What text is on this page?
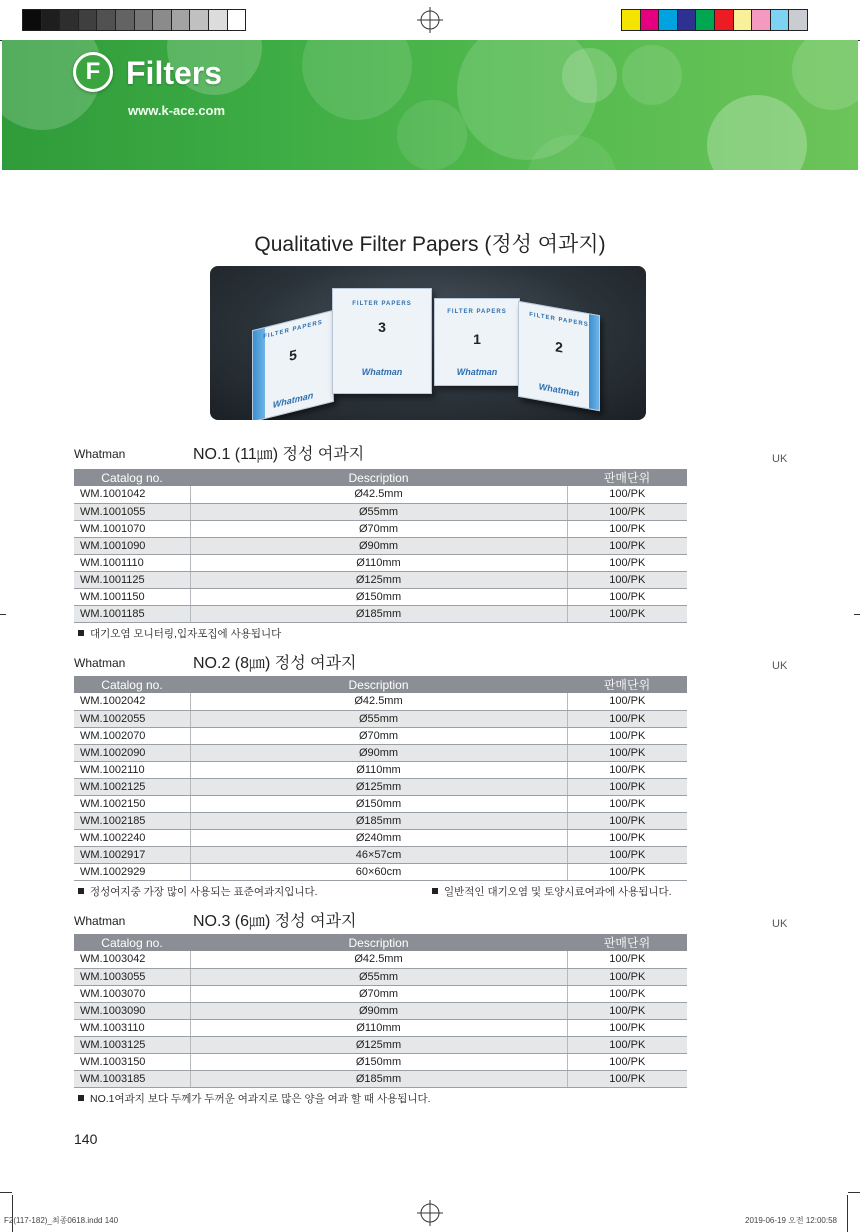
F Filters
www.k-ace.com
Qualitative Filter Papers (정성 여과지)
FILTER PAPERS
5
Whatman
FILTER PAPERS
3
Whatman
FILTER PAPERS
1
Whatman
FILTER PAPERS
2
Whatman
Whatman	NO.1 (11㎛) 정성 여과지	UK
Catalog no.	Description	판매단위
WM.1001042	Ø42.5mm	100/PK
WM.1001055	Ø55mm	100/PK
WM.1001070	Ø70mm	100/PK
WM.1001090	Ø90mm	100/PK
WM.1001110	Ø110mm	100/PK
WM.1001125	Ø125mm	100/PK
WM.1001150	Ø150mm	100/PK
WM.1001185	Ø185mm	100/PK
대기오염 모니터링,입자포집에 사용됩니다
Whatman	NO.2 (8㎛) 정성 여과지	UK
Catalog no.	Description	판매단위
WM.1002042	Ø42.5mm	100/PK
WM.1002055	Ø55mm	100/PK
WM.1002070	Ø70mm	100/PK
WM.1002090	Ø90mm	100/PK
WM.1002110	Ø110mm	100/PK
WM.1002125	Ø125mm	100/PK
WM.1002150	Ø150mm	100/PK
WM.1002185	Ø185mm	100/PK
WM.1002240	Ø240mm	100/PK
WM.1002917	46×57cm	100/PK
WM.1002929	60×60cm	100/PK
정성여지중 가장 많이 사용되는 표준여과지입니다.	일반적인 대기오염 및 토양시료여과에 사용됩니다.
Whatman	NO.3 (6㎛) 정성 여과지	UK
Catalog no.	Description	판매단위
WM.1003042	Ø42.5mm	100/PK
WM.1003055	Ø55mm	100/PK
WM.1003070	Ø70mm	100/PK
WM.1003090	Ø90mm	100/PK
WM.1003110	Ø110mm	100/PK
WM.1003125	Ø125mm	100/PK
WM.1003150	Ø150mm	100/PK
WM.1003185	Ø185mm	100/PK
NO.1여과지 보다 두께가 두꺼운 여과지로 많은 양을 여과 할 때 사용됩니다.
140
F2(117-182)_최종0618.indd 140	2019-06-19 오전 12:00:58
